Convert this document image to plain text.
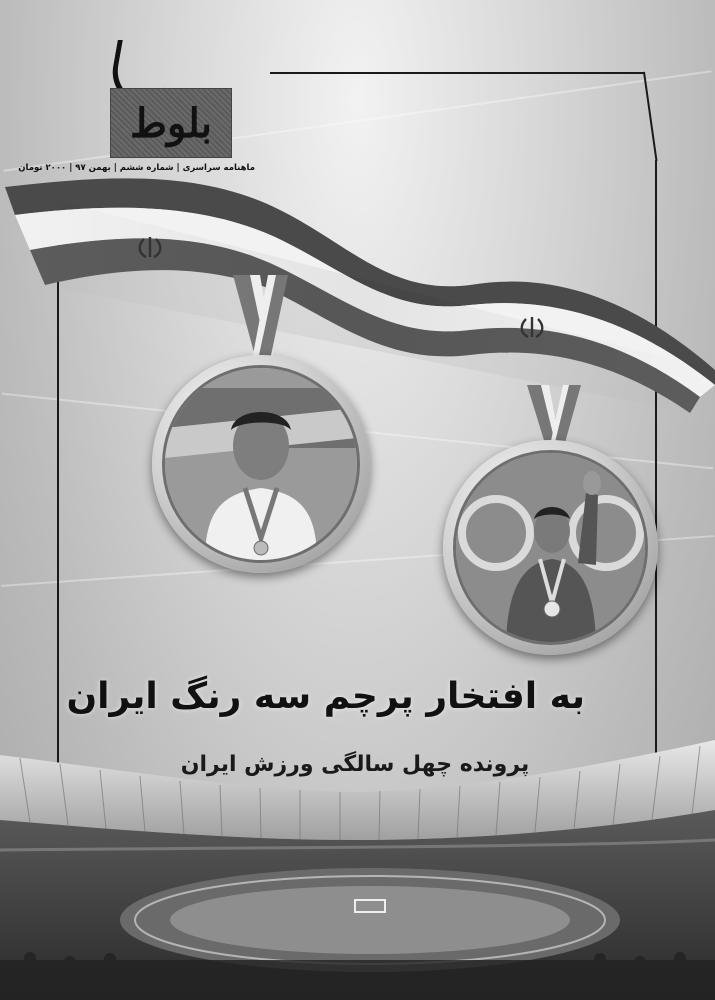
بلوط
ماهنامه سراسری | شماره ششم | بهمن ۹۷ | ۲۰۰۰ تومان
به افتخار پرچم سه رنگ ایران
پرونده چهل سالگی ورزش ایران
